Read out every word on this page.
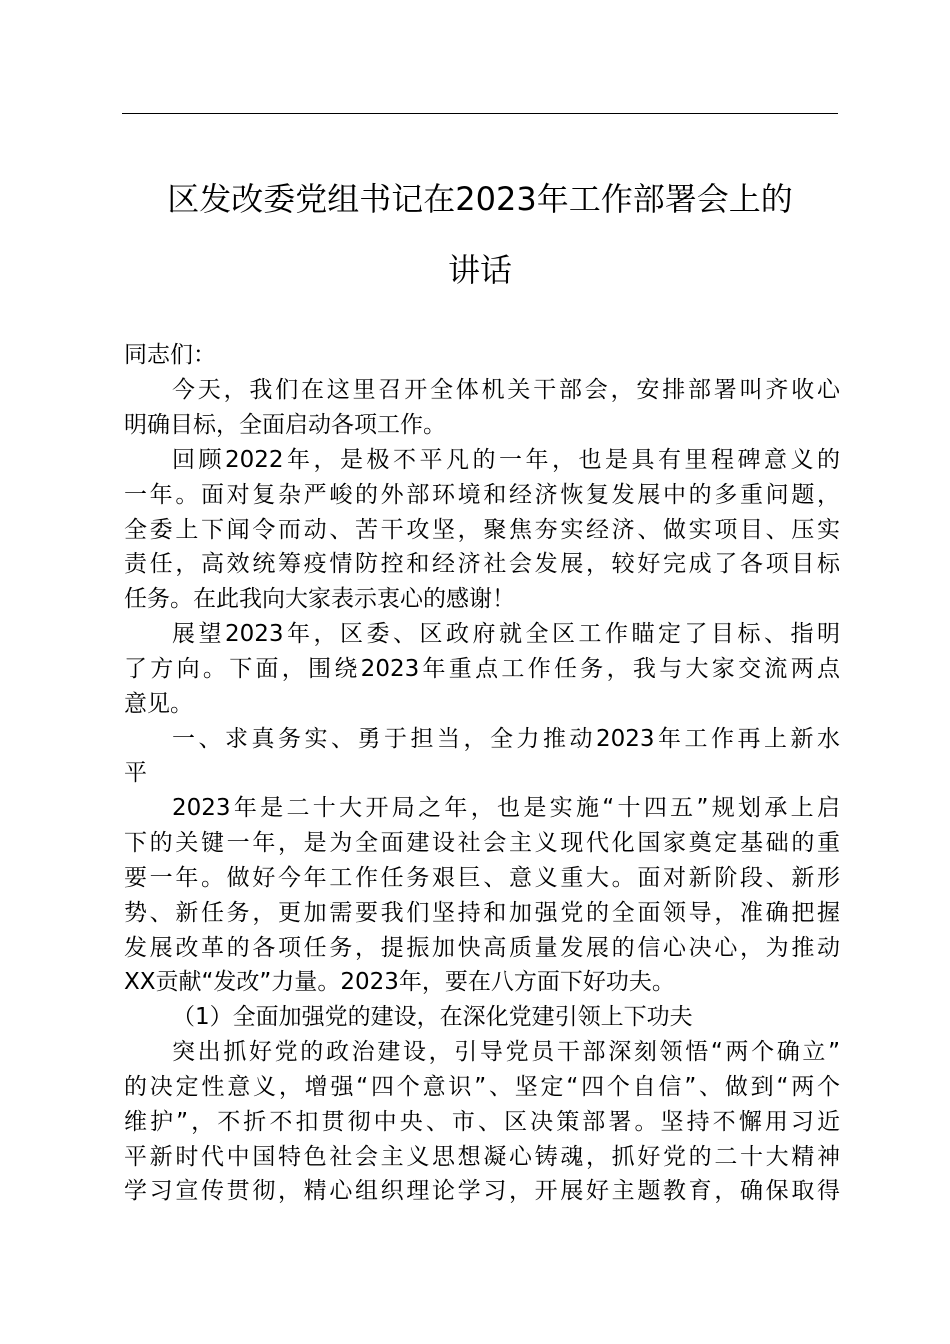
区发改委党组书记在2023年工作部署会上的
讲话
同志们：
今天，我们在这里召开全体机关干部会，安排部署叫齐收心
明确目标，全面启动各项工作。
回顾2022年，是极不平凡的一年，也是具有里程碑意义的
一年。面对复杂严峻的外部环境和经济恢复发展中的多重问题，
全委上下闻令而动、苦干攻坚，聚焦夯实经济、做实项目、压实
责任，高效统筹疫情防控和经济社会发展，较好完成了各项目标
任务。在此我向大家表示衷心的感谢！
展望2023年，区委、区政府就全区工作瞄定了目标、指明
了方向。下面，围绕2023年重点工作任务，我与大家交流两点
意见。
一、求真务实、勇于担当，全力推动2023年工作再上新水
平
2023年是二十大开局之年，也是实施“十四五”规划承上启
下的关键一年，是为全面建设社会主义现代化国家奠定基础的重
要一年。做好今年工作任务艰巨、意义重大。面对新阶段、新形
势、新任务，更加需要我们坚持和加强党的全面领导，准确把握
发展改革的各项任务，提振加快高质量发展的信心决心，为推动
XX贡献“发改”力量。2023年，要在八方面下好功夫。
（1）全面加强党的建设，在深化党建引领上下功夫
突出抓好党的政治建设，引导党员干部深刻领悟“两个确立”
的决定性意义，增强“四个意识”、坚定“四个自信”、做到“两个
维护”，不折不扣贯彻中央、市、区决策部署。坚持不懈用习近
平新时代中国特色社会主义思想凝心铸魂，抓好党的二十大精神
学习宣传贯彻，精心组织理论学习，开展好主题教育，确保取得
